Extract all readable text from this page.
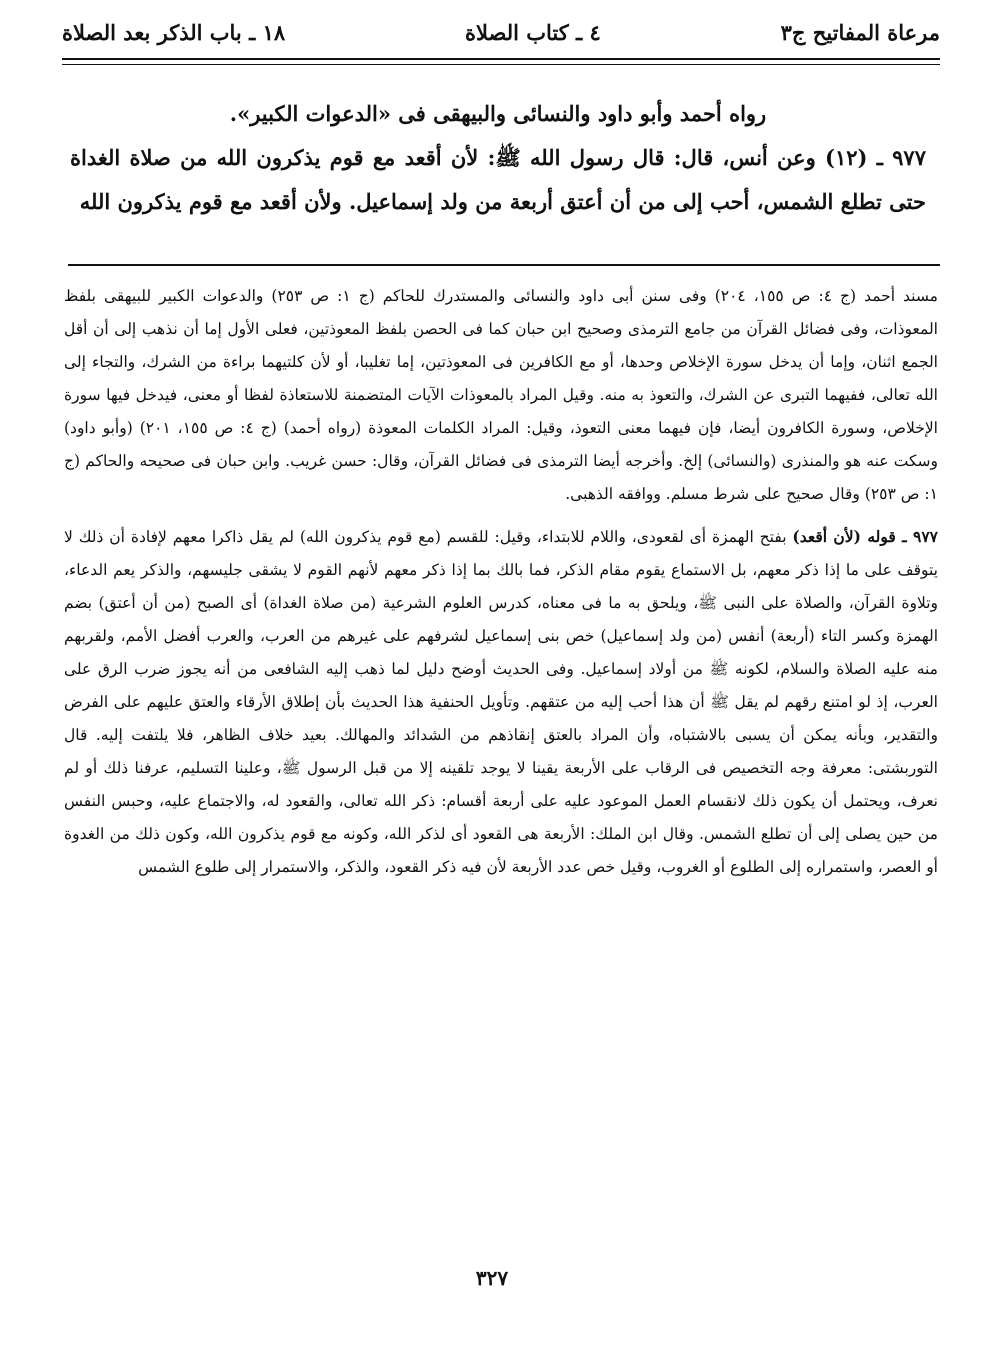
مرعاة المفاتيح ج٣
٤ ـ كتاب الصلاة
١٨ ـ باب الذكر بعد الصلاة

رواه أحمد وأبو داود والنسائى والبيهقى فى «الدعوات الكبير».

٩٧٧ ـ (١٢) وعن أنس، قال: قال رسول الله ﷺ: لأن أقعد مع قوم يذكرون الله من صلاة الغداة حتى تطلع الشمس، أحب إلى من أن أعتق أربعة من ولد إسماعيل. ولأن أقعد مع قوم يذكرون الله

مسند أحمد (ج ٤: ص ١٥٥، ٢٠٤) وفى سنن أبى داود والنسائى والمستدرك للحاكم (ج ١: ص ٢٥٣) والدعوات الكبير للبيهقى بلفظ المعوذات، وفى فضائل القرآن من جامع الترمذى وصحيح ابن حبان كما فى الحصن بلفظ المعوذتين، فعلى الأول إما أن نذهب إلى أن أقل الجمع اثنان، وإما أن يدخل سورة الإخلاص وحدها، أو مع الكافرين فى المعوذتين، إما تغليبا، أو لأن كلتيهما براءة من الشرك، والتجاء إلى الله تعالى، ففيهما التبرى عن الشرك، والتعوذ به منه. وقيل المراد بالمعوذات الآيات المتضمنة للاستعاذة لفظا أو معنى، فيدخل فيها سورة الإخلاص، وسورة الكافرون أيضا، فإن فيهما معنى التعوذ، وقيل: المراد الكلمات المعوذة (رواه أحمد) (ج ٤: ص ١٥٥، ٢٠١) (وأبو داود) وسكت عنه هو والمنذرى (والنسائى) إلخ. وأخرجه أيضا الترمذى فى فضائل القرآن، وقال: حسن غريب. وابن حبان فى صحيحه والحاكم (ج ١: ص ٢٥٣) وقال صحيح على شرط مسلم. ووافقه الذهبى.

٩٧٧ ـ قوله (لأن أقعد) بفتح الهمزة أى لقعودى، واللام للابتداء، وقيل: للقسم (مع قوم يذكرون الله) لم يقل ذاكرا معهم لإفادة أن ذلك لا يتوقف على ما إذا ذكر معهم، بل الاستماع يقوم مقام الذكر، فما بالك بما إذا ذكر معهم لأنهم القوم لا يشقى جليسهم، والذكر يعم الدعاء، وتلاوة القرآن، والصلاة على النبى ﷺ، ويلحق به ما فى معناه، كدرس العلوم الشرعية (من صلاة الغداة) أى الصبح (من أن أعتق) بضم الهمزة وكسر التاء (أربعة) أنفس (من ولد إسماعيل) خص بنى إسماعيل لشرفهم على غيرهم من العرب، والعرب أفضل الأمم، ولقربهم منه عليه الصلاة والسلام، لكونه ﷺ من أولاد إسماعيل. وفى الحديث أوضح دليل لما ذهب إليه الشافعى من أنه يجوز ضرب الرق على العرب، إذ لو امتنع رقهم لم يقل ﷺ أن هذا أحب إليه من عتقهم. وتأويل الحنفية هذا الحديث بأن إطلاق الأرقاء والعتق عليهم على الفرض والتقدير، وبأنه يمكن أن يسبى بالاشتباه، وأن المراد بالعتق إنقاذهم من الشدائد والمهالك. بعيد خلاف الظاهر، فلا يلتفت إليه. قال التوربشتى: معرفة وجه التخصيص فى الرقاب على الأربعة يقينا لا يوجد تلقينه إلا من قبل الرسول ﷺ، وعلينا التسليم، عرفنا ذلك أو لم نعرف، ويحتمل أن يكون ذلك لانقسام العمل الموعود عليه على أربعة أقسام: ذكر الله تعالى، والقعود له، والاجتماع عليه، وحبس النفس من حين يصلى إلى أن تطلع الشمس. وقال ابن الملك: الأربعة هى القعود أى لذكر الله، وكونه مع قوم يذكرون الله، وكون ذلك من الغدوة أو العصر، واستمراره إلى الطلوع أو الغروب، وقيل خص عدد الأربعة لأن فيه ذكر القعود، والذكر، والاستمرار إلى طلوع الشمس

٣٢٧
